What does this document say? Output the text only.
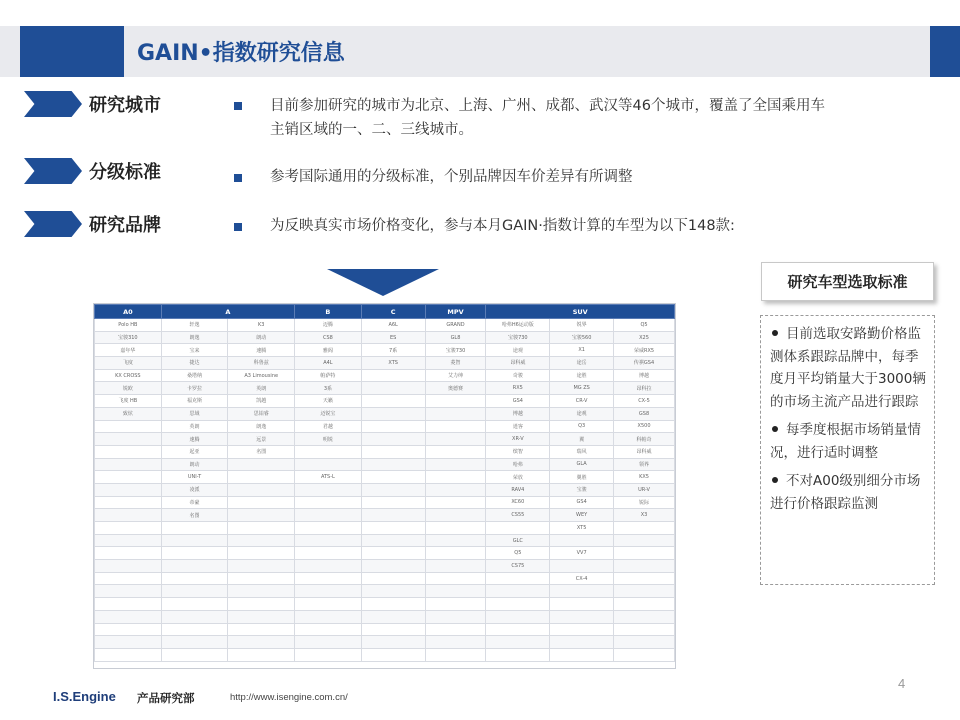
GAIN•指数研究信息
研究城市	目前参加研究的城市为北京、上海、广州、成都、武汉等46个城市，覆盖了全国乘用车
主销区域的一、二、三线城市。
分级标准	参考国际通用的分级标准，个别品牌因车价差异有所调整
研究品牌	为反映真实市场价格变化，参与本月GAIN·指数计算的车型为以下148款:
A0	A		B	C	MPV	SUV		
Polo HB	轩逸	K3	迈腾	A6L	GRAND	哈弗H6运动版	锐界	Q5
宝骏310	朗逸	朗动	CS8	ES	GL8	宝骏730	宝骏560	X25
嘉年华	宝来	速腾	雅阁	7系	宝骏730	途观	X1	荣威RX5
飞度	捷达	科鲁兹	A4L	XTS	菱智	昂科威	途岳	传祺GS4
KX CROSS	桑塔纳	A3 Limousine	帕萨特		艾力绅	奇骏	途胜	博越
锐欧	卡罗拉	英朗	3系		奥德赛	RX5	MG ZS	昂科拉
飞度 HB	福克斯	凯越	天籁			GS4	CR-V	CX-5
致炫	思域	思铂睿	迈锐宝			博越	途观	GS8
	英朗	朗逸	君越			逍客	Q3	X500
	速腾	远景	明锐			XR-V	翼	科帕奇
	起亚	名图				缤智	瑞风	昂科威
	朗动					哈弗	GLA	领界
	UNI-T		ATS-L			荣放	翼胜	KX5
	凌派					RAV4	宝骏	UR-V
	帝豪					XC60	GS4	锐际
	名图					CS55	WEY	X3
							XT5	
						GLC		
						Q5	VV7	
						CS75		
							CX-4	

研究车型选取标准
目前选取安路勤价格监测体系跟踪品牌中，每季度月平均销量大于3000辆的市场主流产品进行跟踪
每季度根据市场销量情况，进行适时调整
不对A00级别细分市场进行价格跟踪监测
I.S.Engine 产品研究部	http://www.isengine.com.cn/
4
